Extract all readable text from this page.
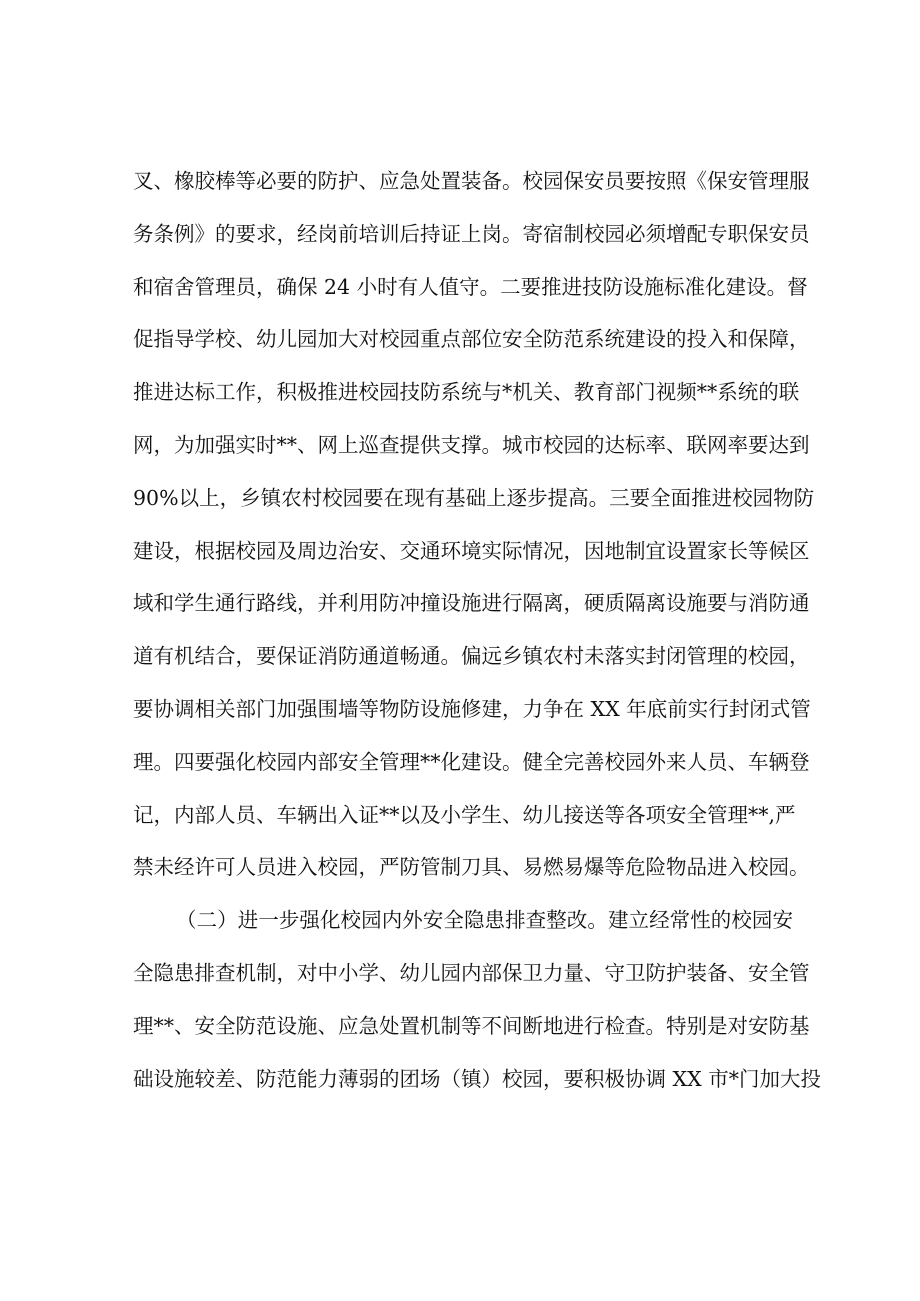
叉、橡胶棒等必要的防护、应急处置装备。校园保安员要按照《保安管理服
务条例》的要求，经岗前培训后持证上岗。寄宿制校园必须增配专职保安员
和宿舍管理员，确保 24 小时有人值守。二要推进技防设施标准化建设。督
促指导学校、幼儿园加大对校园重点部位安全防范系统建设的投入和保障，
推进达标工作，积极推进校园技防系统与*机关、教育部门视频**系统的联
网，为加强实时**、网上巡查提供支撑。城市校园的达标率、联网率要达到
90%以上，乡镇农村校园要在现有基础上逐步提高。三要全面推进校园物防
建设，根据校园及周边治安、交通环境实际情况，因地制宜设置家长等候区
域和学生通行路线，并利用防冲撞设施进行隔离，硬质隔离设施要与消防通
道有机结合，要保证消防通道畅通。偏远乡镇农村未落实封闭管理的校园，
要协调相关部门加强围墙等物防设施修建，力争在 XX 年底前实行封闭式管
理。四要强化校园内部安全管理**化建设。健全完善校园外来人员、车辆登
记，内部人员、车辆出入证**以及小学生、幼儿接送等各项安全管理**,严
禁未经许可人员进入校园，严防管制刀具、易燃易爆等危险物品进入校园。
（二）进一步强化校园内外安全隐患排查整改。建立经常性的校园安
全隐患排查机制，对中小学、幼儿园内部保卫力量、守卫防护装备、安全管
理**、安全防范设施、应急处置机制等不间断地进行检查。特别是对安防基
础设施较差、防范能力薄弱的团场（镇）校园，要积极协调 XX 市*门加大投
